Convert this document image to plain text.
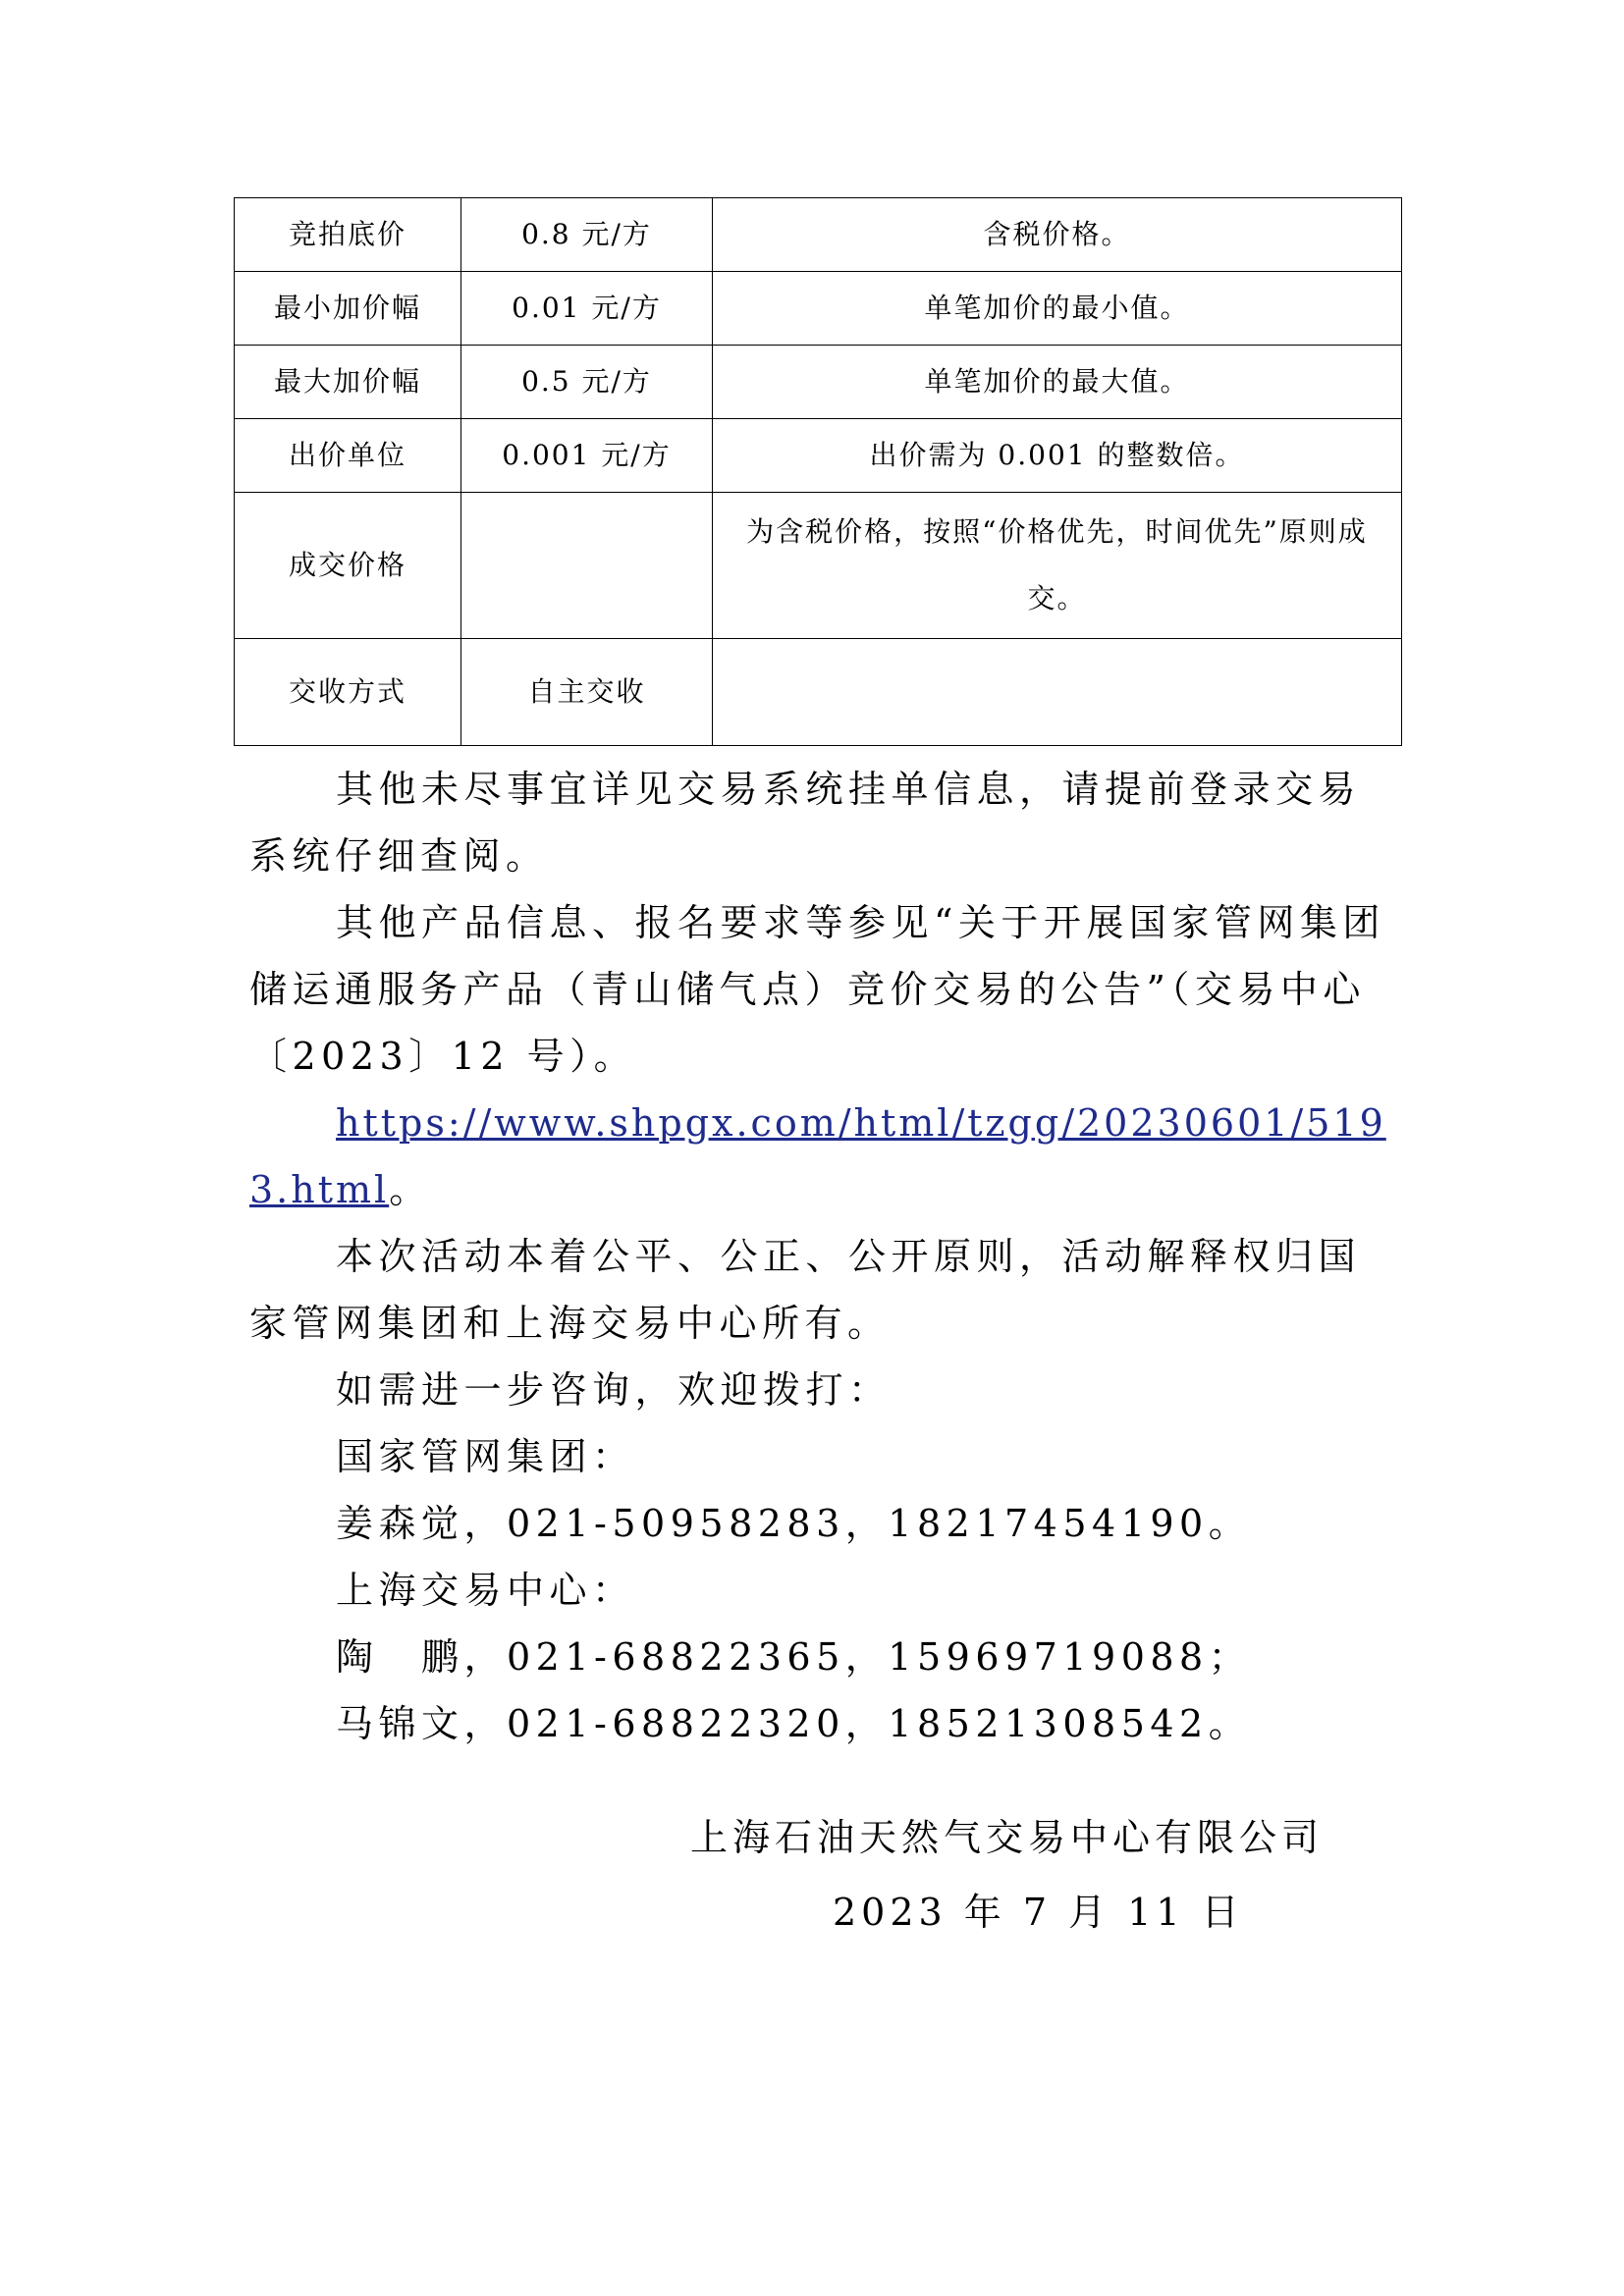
竞拍底价	0.8 元/方	含税价格。
最小加价幅	0.01 元/方	单笔加价的最小值。
最大加价幅	0.5 元/方	单笔加价的最大值。
出价单位	0.001 元/方	出价需为 0.001 的整数倍。
成交价格		为含税价格，按照“价格优先，时间优先”原则成交。
交收方式	自主交收	

其他未尽事宜详见交易系统挂单信息，请提前登录交易系统仔细查阅。

其他产品信息、报名要求等参见“关于开展国家管网集团储运通服务产品（青山储气点）竞价交易的公告”（交易中心〔2023〕12 号）。

https://www.shpgx.com/html/tzgg/20230601/5193.html。

本次活动本着公平、公正、公开原则，活动解释权归国家管网集团和上海交易中心所有。

如需进一步咨询，欢迎拨打：

国家管网集团：

姜森觉，021-50958283，18217454190。

上海交易中心：

陶　鹏，021-68822365，15969719088；

马锦文，021-68822320，18521308542。

上海石油天然气交易中心有限公司
2023 年 7 月 11 日
